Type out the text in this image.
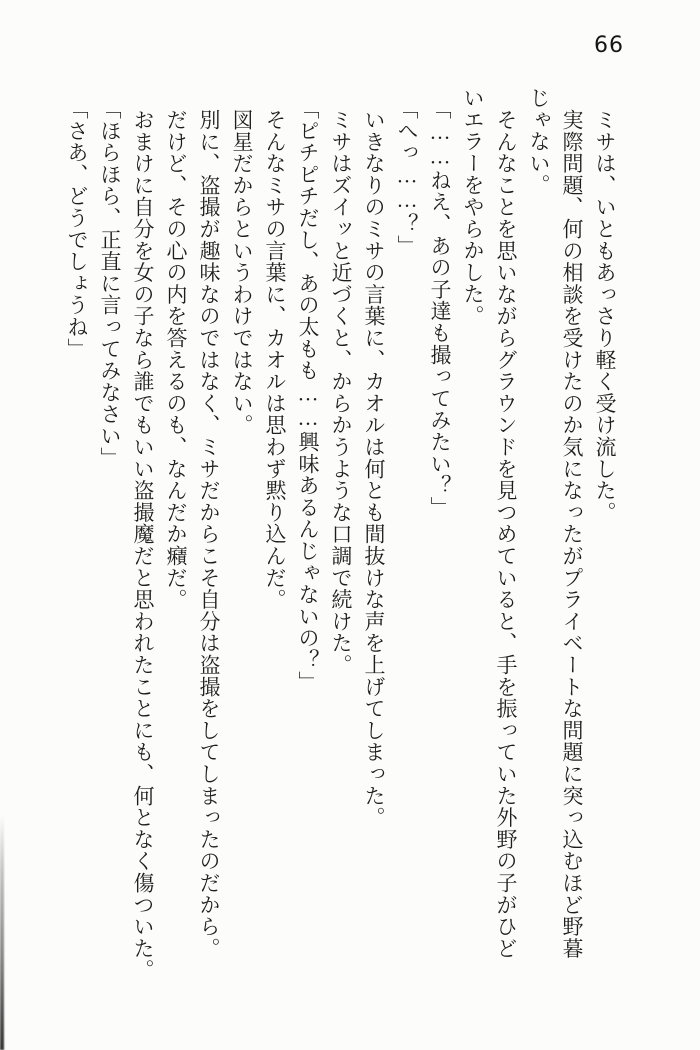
66

ミサは、いともあっさり軽く受け流した。

実際問題、何の相談を受けたのか気になったがプライベートな問題に突っ込むほど野暮

じゃない。

そんなことを思いながらグラウンドを見つめていると、手を振っていた外野の子がひど

いエラーをやらかした。

「……ねえ、あの子達も撮ってみたい？」

「へっ……？」

いきなりのミサの言葉に、カオルは何とも間抜けな声を上げてしまった。

ミサはズイッと近づくと、からかうような口調で続けた。

「ピチピチだし、あの太もも……興味あるんじゃないの？」

そんなミサの言葉に、カオルは思わず黙り込んだ。

図星だからというわけではない。

別に、盗撮が趣味なのではなく、ミサだからこそ自分は盗撮をしてしまったのだから。

だけど、その心の内を答えるのも、なんだか癪だ。

おまけに自分を女の子なら誰でもいい盗撮魔だと思われたことにも、何となく傷ついた。

「ほらほら、正直に言ってみなさい」

「さあ、どうでしょうね」
